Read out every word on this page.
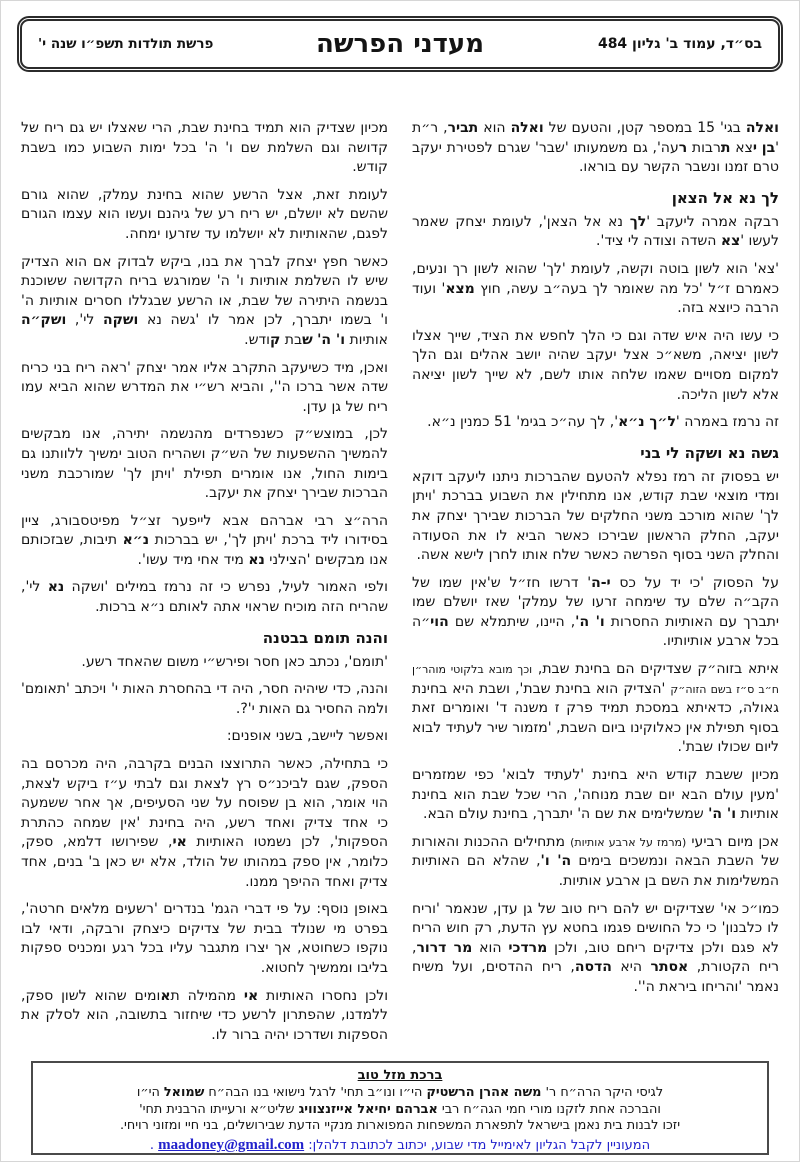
בס״ד, עמוד ב' גליון 484
מעדני הפרשה
פרשת תולדות תשפ״ו שנה י'

ואלה בגי' 15 במספר קטן, והטעם של ואלה הוא תביר, ר״ת 'בן יצא תרבות רעה', גם משמעותו 'שבר' שגרם לפטירת יעקב טרם זמנו ונשבר הקשר עם בוראו.

לך נא אל הצאן

רבקה אמרה ליעקב 'לך נא אל הצאן', לעומת יצחק שאמר לעשו 'צא השדה וצודה לי ציד'.

'צא' הוא לשון בוטה וקשה, לעומת 'לך' שהוא לשון רך ונעים, כאמרם ז״ל 'כל מה שאומר לך בעה״ב עשה, חוץ מצא' ועוד הרבה כיוצא בזה.

כי עשו היה איש שדה וגם כי הלך לחפש את הציד, שייך אצלו לשון יציאה, משא״כ אצל יעקב שהיה יושב אהלים וגם הלך למקום מסויים שאמו שלחה אותו לשם, לא שייך לשון יציאה אלא לשון הליכה.

זה נרמז באמרה 'ל״ך נ״א', לך עה״כ בגימ' 51 כמנין נ״א.

גשה נא ושקה לי בני

יש בפסוק זה רמז נפלא להטעם שהברכות ניתנו ליעקב דוקא ומדי מוצאי שבת קודש, אנו מתחילין את השבוע בברכת 'ויתן לך' שהוא מורכב משני החלקים של הברכות שבירך יצחק את יעקב, החלק הראשון שבירכו כאשר הביא לו את הסעודה והחלק השני בסוף הפרשה כאשר שלח אותו לחרן לישא אשה.

על הפסוק 'כי יד על כס י-ה' דרשו חז״ל ש'אין שמו של הקב״ה שלם עד שימחה זרעו של עמלק' שאז יושלם שמו יתברך עם האותיות החסרות ו' ה', היינו, שיתמלא שם הוי״ה בכל ארבע אותיותיו.

איתא בזוה״ק שצדיקים הם בחינת שבת, וכך מובא בלקוטי מוהר״ן ח״ב ס״ז בשם הזוה״ק 'הצדיק הוא בחינת שבת', ושבת היא בחינת גאולה, כדאיתא במסכת תמיד פרק ז משנה ד' ואומרים זאת בסוף תפילת אין כאלוקינו ביום השבת, 'מזמור שיר לעתיד לבוא ליום שכולו שבת'.

מכיון ששבת קודש היא בחינת 'לעתיד לבוא' כפי שמזמרים 'מעין עולם הבא יום שבת מנוחה', הרי שכל שבת הוא בחינת אותיות ו' ה' שמשלימים את שם ה' יתברך, בחינת עולם הבא.

אכן מיום רביעי (מרמז על ארבע אותיות) מתחילים ההכנות והאורות של השבת הבאה ונמשכים בימים ה' ו', שהלא הם האותיות המשלימות את השם בן ארבע אותיות.

כמו״כ אי' שצדיקים יש להם ריח טוב של גן עדן, שנאמר 'וריח לו כלבנון' כי כל החושים פגמו בחטא עץ הדעת, רק חוש הריח לא פגם ולכן צדיקים ריחם טוב, ולכן מרדכי הוא מר דרור, ריח הקטורת, אסתר היא הדסה, ריח ההדסים, ועל משיח נאמר 'והריחו ביראת ה''.

מכיון שצדיק הוא תמיד בחינת שבת, הרי שאצלו יש גם ריח של קדושה וגם השלמת שם ו' ה' בכל ימות השבוע כמו בשבת קודש.

לעומת זאת, אצל הרשע שהוא בחינת עמלק, שהוא גורם שהשם לא יושלם, יש ריח רע של גיהנם ועשו הוא עצמו הגורם לפגם, שהאותיות לא יושלמו עד שזרעו ימחה.

כאשר חפץ יצחק לברך את בנו, ביקש לבדוק אם הוא הצדיק שיש לו השלמת אותיות ו' ה' שמורגש בריח הקדושה ששוכנת בנשמה היתירה של שבת, או הרשע שבגללו חסרים אותיות ה' ו' בשמו יתברך, לכן אמר לו 'גשה נא ושקה לי', ושק״ה אותיות ו' ה' שבת קודש.

ואכן, מיד כשיעקב התקרב אליו אמר יצחק 'ראה ריח בני כריח שדה אשר ברכו ה'', והביא רש״י את המדרש שהוא הביא עמו ריח של גן עדן.

לכן, במוצש״ק כשנפרדים מהנשמה יתירה, אנו מבקשים להמשיך ההשפעות של הש״ק ושהריח הטוב ימשיך ללוותנו גם בימות החול, אנו אומרים תפילת 'ויתן לך' שמורכבת משני הברכות שבירך יצחק את יעקב.

הרה״צ רבי אברהם אבא לייפער זצ״ל מפיטסבורג, ציין בסידורו ליד ברכת 'ויתן לך', יש בברכות נ״א תיבות, שבזכותם אנו מבקשים 'הצילני נא מיד אחי מיד עשו'.

ולפי האמור לעיל, נפרש כי זה נרמז במילים 'ושקה נא לי', שהריח הזה מוכיח שראוי אתה לאותם נ״א ברכות.

והנה תומם בבטנה

'תומם', נכתב כאן חסר ופירש״י משום שהאחד רשע.

והנה, כדי שיהיה חסר, היה די בהחסרת האות י' ויכתב 'תאומם' ולמה החסיר גם האות י'?.

ואפשר ליישב, בשני אופנים:

כי בתחילה, כאשר התרוצצו הבנים בקרבה, היה מכרסם בה הספק, שגם לביכנ״ס רץ לצאת וגם לבתי ע״ז ביקש לצאת, הוי אומר, הוא בן שפוסח על שני הסעיפים, אך אחר ששמעה כי אחד צדיק ואחד רשע, היה בחינת 'אין שמחה כהתרת הספקות', לכן נשמטו האותיות אי, שפירושו דלמא, ספק, כלומר, אין ספק במהותו של הולד, אלא יש כאן ב' בנים, אחד צדיק ואחד ההיפך ממנו.

באופן נוסף: על פי דברי הגמ' בנדרים 'רשעים מלאים חרטה', בפרט מי שנולד בבית של צדיקים כיצחק ורבקה, ודאי לבו נוקפו כשחוטא, אך יצרו מתגבר עליו בכל רגע ומכניס ספקות בליבו וממשיך לחטוא.

ולכן נחסרו האותיות אי מהמילה תאומים שהוא לשון ספק, ללמדנו, שהפתרון לרשע כדי שיחזור בתשובה, הוא לסלק את הספקות ושדרכו יהיה ברור לו.

ברכת מזל טוב

לגיסי היקר הרה״ח ר' משה אהרן הרשטיק הי״ו ונו״ב תחי' לרגל נישואי בנו הבה״ח שמואל הי״ו

והברכה אחת לזקנו מורי חמי הגה״ח רבי אברהם יחיאל אייזנצוויג שליט״א ורעייתו הרבנית תחי'

יזכו לבנות בית נאמן בישראל לתפארת המשפחות המפוארות מנקיי הדעת שבירושלים, בני חיי ומזוני רויחי.

המעוניין לקבל הגליון לאימייל מדי שבוע, יכתוב לכתובת דלהלן: maadoney@gmail.com .
